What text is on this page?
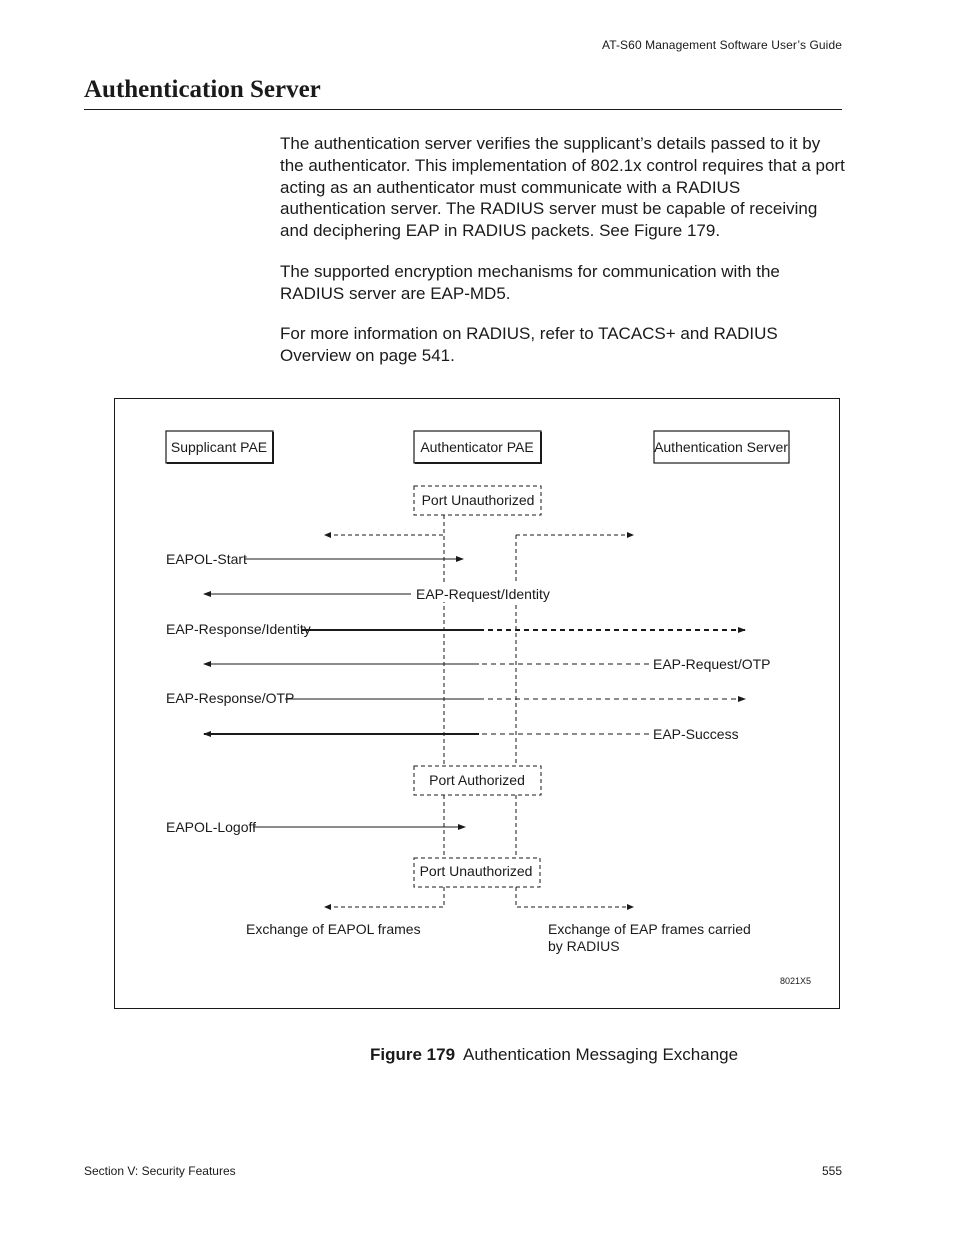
AT-S60 Management Software User’s Guide
Authentication Server
The authentication server verifies the supplicant’s details passed to it by the authenticator. This implementation of 802.1x control requires that a port acting as an authenticator must communicate with a RADIUS authentication server. The RADIUS server must be capable of receiving and deciphering EAP in RADIUS packets. See Figure 179.
The supported encryption mechanisms for communication with the RADIUS server are EAP-MD5.
For more information on RADIUS, refer to TACACS+ and RADIUS Overview on page 541.
Supplicant PAE	Authenticator PAE	Authentication Server
Port Unauthorized
Port Authorized
Port Unauthorized
EAPOL-Start
EAP-Request/Identity
EAP-Response/Identity
EAP-Request/OTP
EAP-Response/OTP
EAP-Success
EAPOL-Logoff
Exchange of EAPOL frames	Exchange of EAP frames carried
by RADIUS
8021X5
Figure 179 Authentication Messaging Exchange
Section V: Security Features	555
